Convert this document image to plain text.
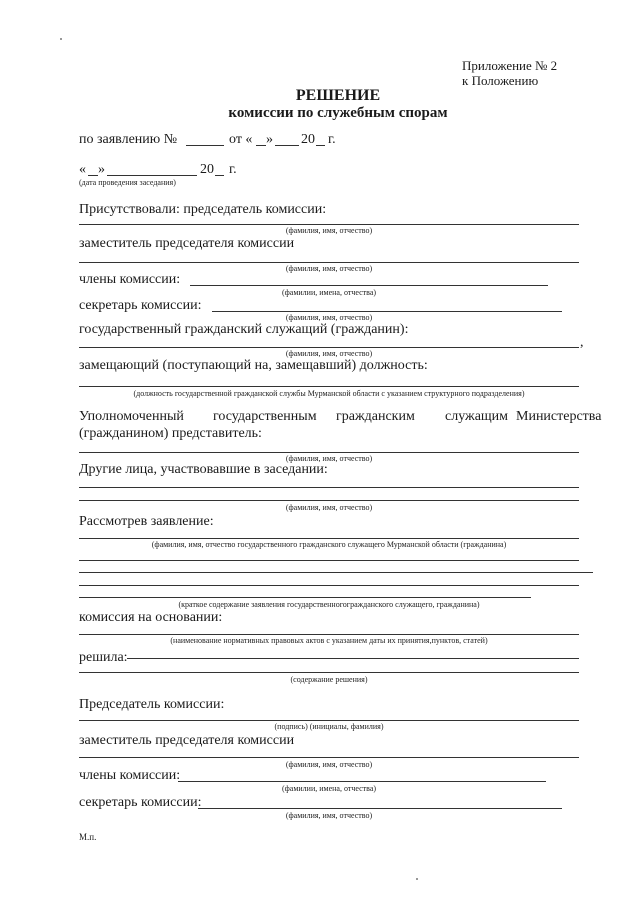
Приложение № 2
к Положению
РЕШЕНИЕ
комиссии по служебным спорам
по заявлению №	от « » 20 г.
« »	20 г.
(дата проведения заседания)
Присутствовали: председатель комиссии:
(фамилия, имя, отчество)
заместитель председателя комиссии
(фамилия, имя, отчество)
члены комиссии:
(фамилии, имена, отчества)
секретарь комиссии:
(фамилия, имя, отчество)
государственный гражданский служащий (гражданин):
,
(фамилия, имя, отчество)
замещающий (поступающий на, замещавший) должность:
(должность государственной гражданской службы Мурманской области с указанием структурного подразделения)
Уполномоченный государственным гражданским служащим Министерства
(гражданином) представитель:
(фамилия, имя, отчество)
Другие лица, участвовавшие в заседании:
(фамилия, имя, отчество)
Рассмотрев заявление:
(фамилия, имя, отчество государственного гражданского служащего Мурманской области (гражданина)
(краткое содержание заявления государственногогражданского служащего, гражданина)
комиссия на основании:
(наименование нормативных правовых актов с указанием даты их принятия,пунктов, статей)
решила:
(содержание решения)
Председатель комиссии:
(подпись) (инициалы, фамилия)
заместитель председателя комиссии
(фамилия, имя, отчество)
члены комиссии:
(фамилии, имена, отчества)
секретарь комиссии:
(фамилия, имя, отчество)
М.п.
